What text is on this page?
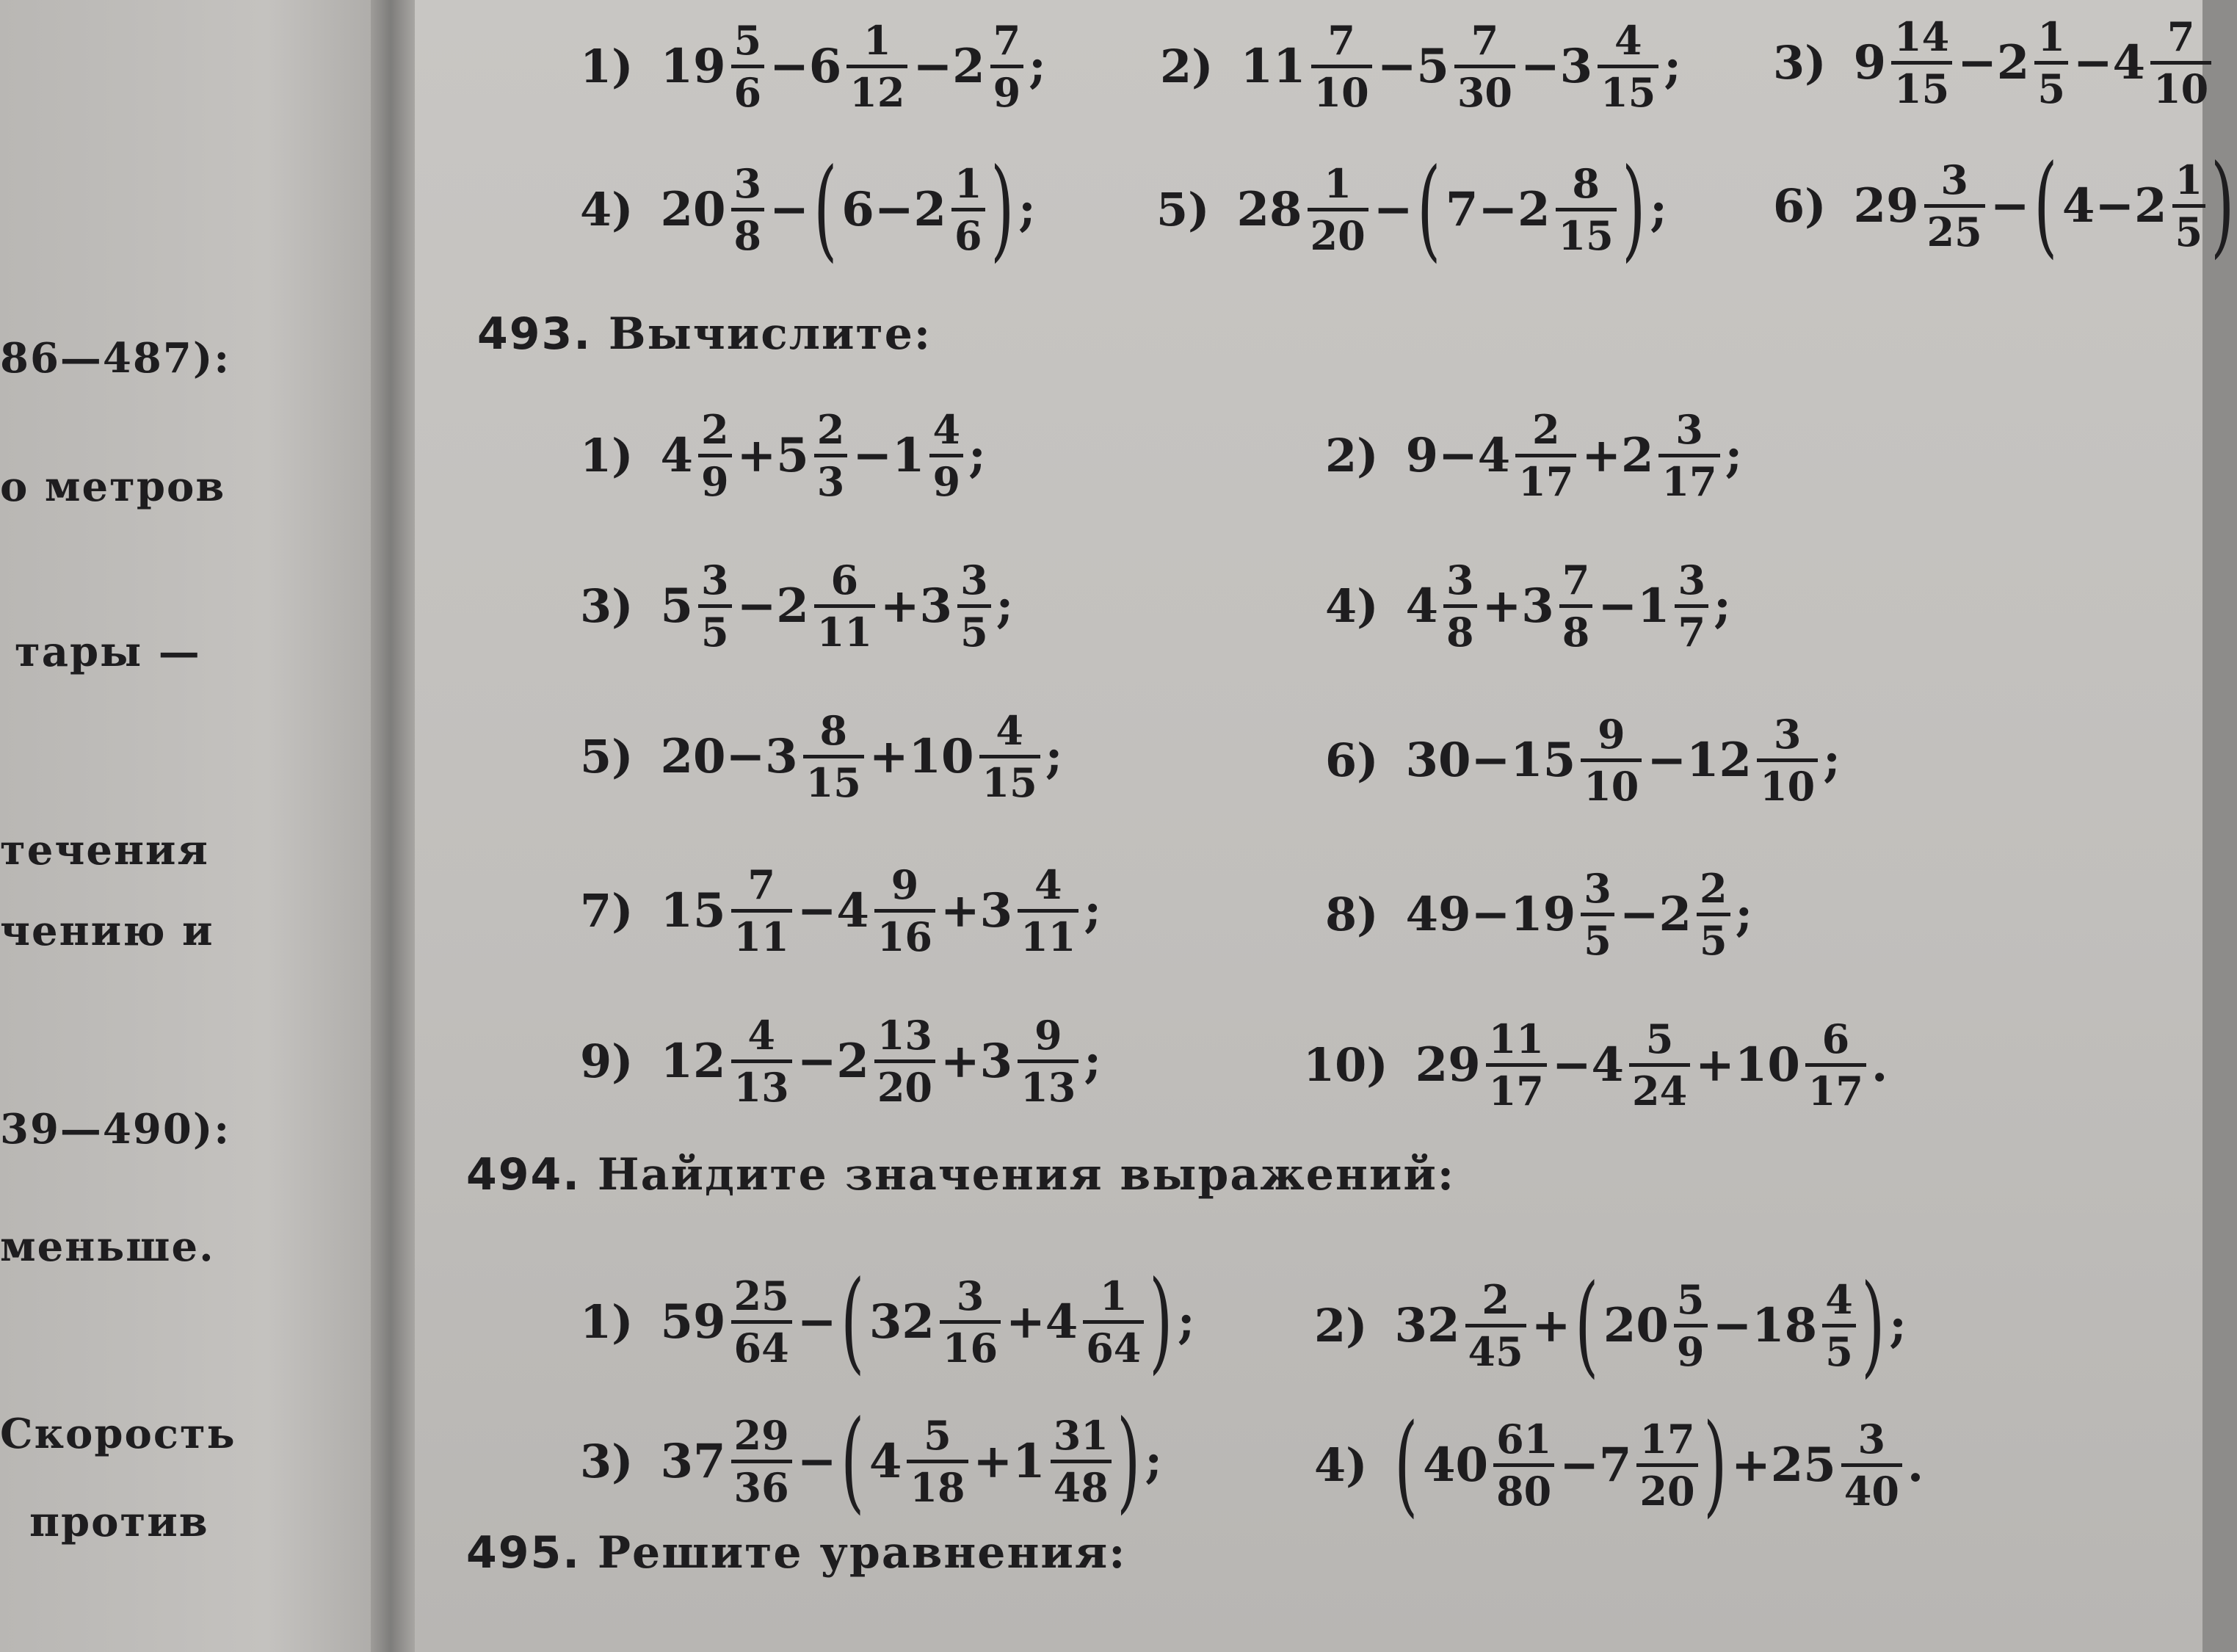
86—487):
о метров
тары —
течения
чению и
39—490):
меньше.
Скорость
против
493. Вычислите:
494. Найдите значения выражений:
495. Решите уравнения:
1) $19 \frac{5}{6} -6 \frac{1}{12} -2 \frac{7}{9}$ ;	2) $11 \frac{7}{10} -5 \frac{7}{30} -3 \frac{4}{15}$ ; 3) $9 \frac{14}{15} -2 \frac{1}{5} -4 \frac{7}{10}$
4) $20 \frac{3}{8}$ − ( $6-2 \frac{1}{6}$ ) ;	5) $28 \frac{1}{20}$ − ( $7-2 \frac{8}{15}$ ) ; 6) $29 \frac{3}{25}$ − ( $4-2 \frac{1}{5}$ )
1) $4 \frac{2}{9} +5 \frac{2}{3} -1 \frac{4}{9}$ ;	2) $9-4 \frac{2}{17} +2 \frac{3}{17}$ ;
3) $5 \frac{3}{5} -2 \frac{6}{11} +3 \frac{3}{5}$ ;	4) $4 \frac{3}{8} +3 \frac{7}{8} -1 \frac{3}{7}$ ;
5) $20-3 \frac{8}{15} +10 \frac{4}{15}$ ;	6) $30-15 \frac{9}{10} -12 \frac{3}{10}$ ;
7) $15 \frac{7}{11} -4 \frac{9}{16} +3 \frac{4}{11}$ ;	8) $49-19 \frac{3}{5} -2 \frac{2}{5}$ ;
9) $12 \frac{4}{13} -2 \frac{13}{20} +3 \frac{9}{13}$ ;	10) $29 \frac{11}{17} -4 \frac{5}{24} +10 \frac{6}{17}$ .
1) $59 \frac{25}{64}$ − ( $32 \frac{3}{16} +4 \frac{1}{64}$ ) ;	2) $32 \frac{2}{45}$ + ( $20 \frac{5}{9} -18 \frac{4}{5}$ ) ;
3) $37 \frac{29}{36}$ − ( $4 \frac{5}{18} +1 \frac{31}{48}$ ) ;	4) ( $40 \frac{61}{80} -7 \frac{17}{20}$ ) $+25 \frac{3}{40}$ .
